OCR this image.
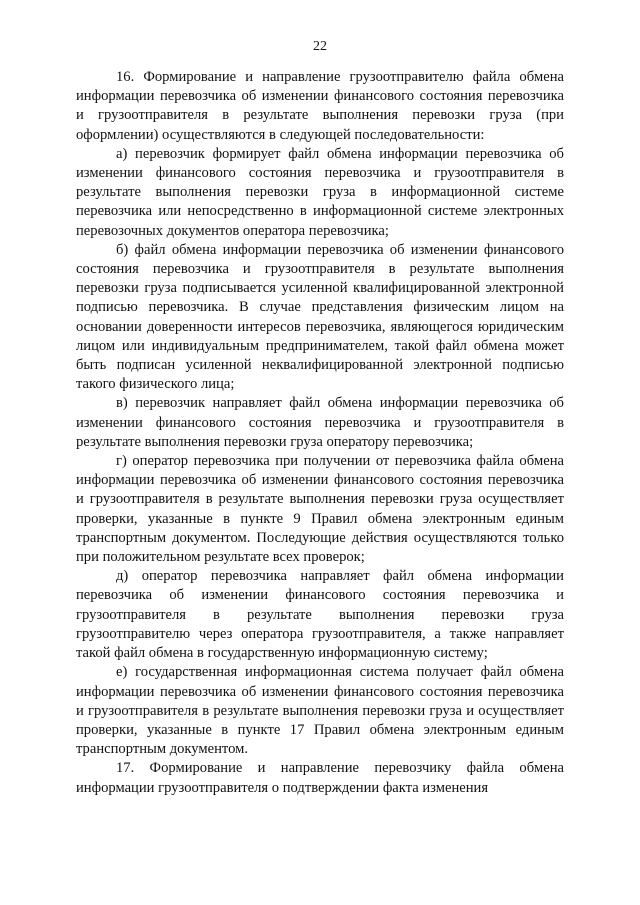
22

16. Формирование и направление грузоотправителю файла обмена информации перевозчика об изменении финансового состояния перевозчика и грузоотправителя в результате выполнения перевозки груза (при оформлении) осуществляются в следующей последовательности:

а) перевозчик формирует файл обмена информации перевозчика об изменении финансового состояния перевозчика и грузоотправителя в результате выполнения перевозки груза в информационной системе перевозчика или непосредственно в информационной системе электронных перевозочных документов оператора перевозчика;

б) файл обмена информации перевозчика об изменении финансового состояния перевозчика и грузоотправителя в результате выполнения перевозки груза подписывается усиленной квалифицированной электронной подписью перевозчика. В случае представления физическим лицом на основании доверенности интересов перевозчика, являющегося юридическим лицом или индивидуальным предпринимателем, такой файл обмена может быть подписан усиленной неквалифицированной электронной подписью такого физического лица;

в) перевозчик направляет файл обмена информации перевозчика об изменении финансового состояния перевозчика и грузоотправителя в результате выполнения перевозки груза оператору перевозчика;

г) оператор перевозчика при получении от перевозчика файла обмена информации перевозчика об изменении финансового состояния перевозчика и грузоотправителя в результате выполнения перевозки груза осуществляет проверки, указанные в пункте 9 Правил обмена электронным единым транспортным документом. Последующие действия осуществляются только при положительном результате всех проверок;

д) оператор перевозчика направляет файл обмена информации перевозчика об изменении финансового состояния перевозчика и грузоотправителя в результате выполнения перевозки груза грузоотправителю через оператора грузоотправителя, а также направляет такой файл обмена в государственную информационную систему;

е) государственная информационная система получает файл обмена информации перевозчика об изменении финансового состояния перевозчика и грузоотправителя в результате выполнения перевозки груза и осуществляет проверки, указанные в пункте 17 Правил обмена электронным единым транспортным документом.

17. Формирование и направление перевозчику файла обмена информации грузоотправителя о подтверждении факта изменения
